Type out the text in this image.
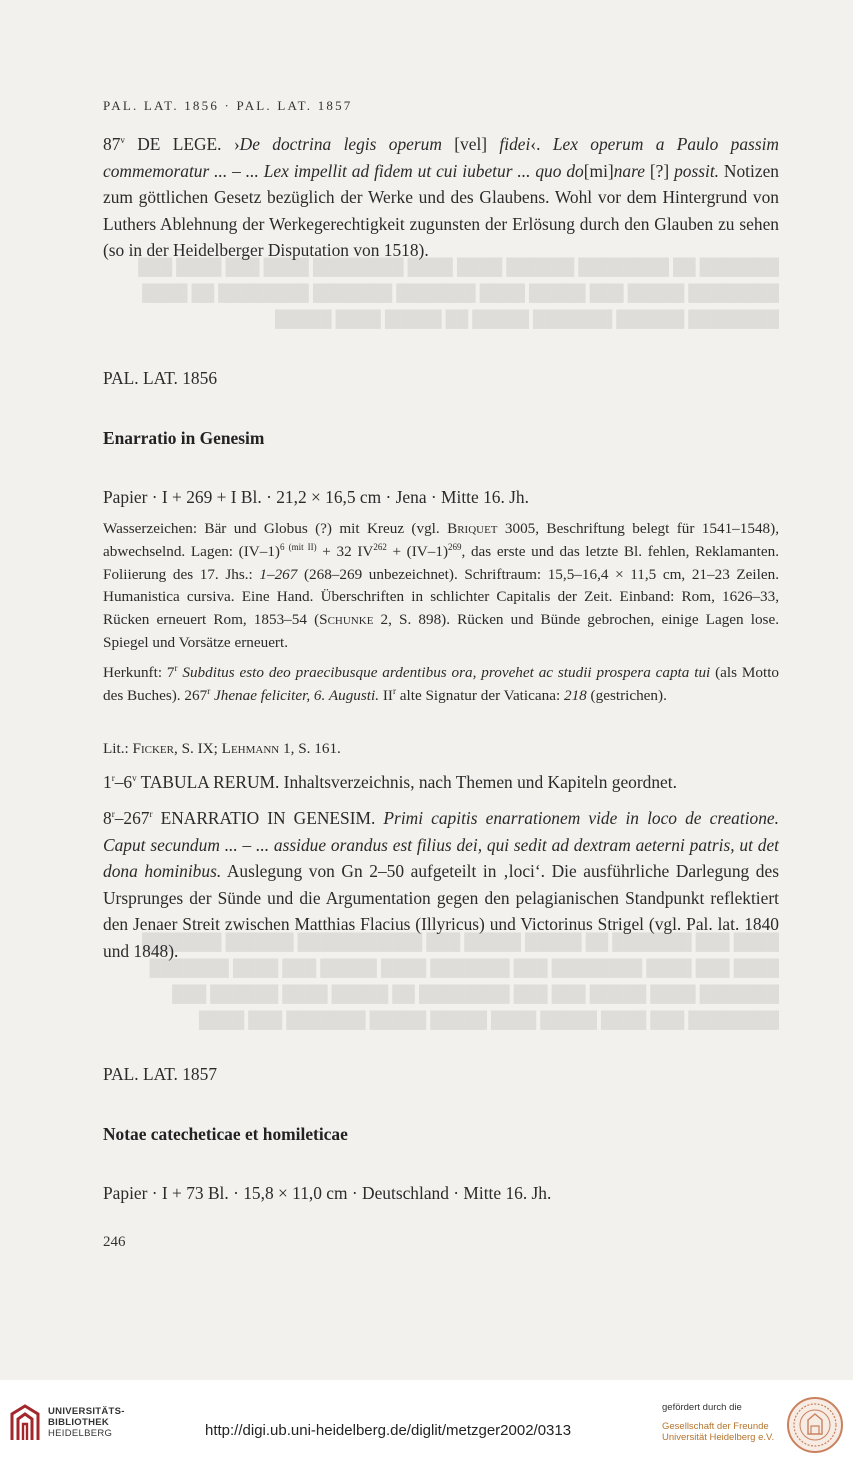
███████ ██ ████████ ██████ ████ ████ ████████ ████ ███ ████ ███ ████████ █████ ███ █████ ████ ███████ ███████ ████████ ██ ████ ████████ ██████ ███████ █████ ██ █████ ████ █████
████ ███ ███████ ██ █████ █████ ███ ███████████ ██████ ███████ ████ ███ ████ ████████ ███ ███████ ████ █████ ███ ████ ███████ ███████ ████ █████ ███ ███ ████████ ██ █████ ████ ██████ ███ ████████ ███ ████ █████ ████ █████ █████ ███████ ███ ████
PAL. LAT. 1856 · PAL. LAT. 1857
87$^v$ DE LEGE. ›De doctrina legis operum [vel] fidei‹. Lex operum a Paulo passim commemoratur ... – ... Lex impellit ad fidem ut cui iubetur ... quo do[mi]nare [?] possit. Notizen zum göttlichen Gesetz bezüglich der Werke und des Glaubens. Wohl vor dem Hintergrund von Luthers Ablehnung der Werkegerechtigkeit zugunsten der Erlösung durch den Glauben zu sehen (so in der Heidelberger Disputation von 1518).
PAL. LAT. 1856
Enarratio in Genesim
Papier · I + 269 + I Bl. · 21,2 × 16,5 cm · Jena · Mitte 16. Jh.
Wasserzeichen: Bär und Globus (?) mit Kreuz (vgl. Briquet 3005, Beschriftung belegt für 1541–1548), abwechselnd. Lagen: $(IV-1)^{6 (mit II)} + 32$ $IV^{262} + (IV-1)^{269}$, das erste und das letzte Bl. fehlen, Reklamanten. Foliierung des 17. Jhs.: 1–267 (268–269 unbezeichnet). Schriftraum: 15,5–16,4 × 11,5 cm, 21–23 Zeilen. Humanistica cursiva. Eine Hand. Überschriften in schlichter Capitalis der Zeit. Einband: Rom, 1626–33, Rücken erneuert Rom, 1853–54 (Schunke 2, S. 898). Rücken und Bünde gebrochen, einige Lagen lose. Spiegel und Vorsätze erneuert.
Herkunft: 7$^r$ Subditus esto deo praecibusque ardentibus ora, provehet ac studii prospera capta tui (als Motto des Buches). 267$^r$ Jhenae feliciter, 6. Augusti. $II^r$ alte Signatur der Vaticana: 218 (gestrichen).
Lit.: Ficker, S. IX; Lehmann 1, S. 161.
1$^r$–6$^v$ TABULA RERUM. Inhaltsverzeichnis, nach Themen und Kapiteln geordnet.
8$^r$–267$^r$ ENARRATIO IN GENESIM. Primi capitis enarrationem vide in loco de creatione. Caput secundum ... – ... assidue orandus est filius dei, qui sedit ad dextram aeterni patris, ut det dona hominibus. Auslegung von Gn 2–50 aufgeteilt in ‚loci‘. Die ausführliche Darlegung des Ursprunges der Sünde und die Argumentation gegen den pelagianischen Standpunkt reflektiert den Jenaer Streit zwischen Matthias Flacius (Illyricus) und Victorinus Strigel (vgl. Pal. lat. 1840 und 1848).
PAL. LAT. 1857
Notae catecheticae et homileticae
Papier · I + 73 Bl. · 15,8 × 11,0 cm · Deutschland · Mitte 16. Jh.
246
UNIVERSITÄTS-
BIBLIOTHEK
HEIDELBERG	http://digi.ub.uni-heidelberg.de/diglit/metzger2002/0313
gefördert durch die
Gesellschaft der Freunde
Universität Heidelberg e.V.
